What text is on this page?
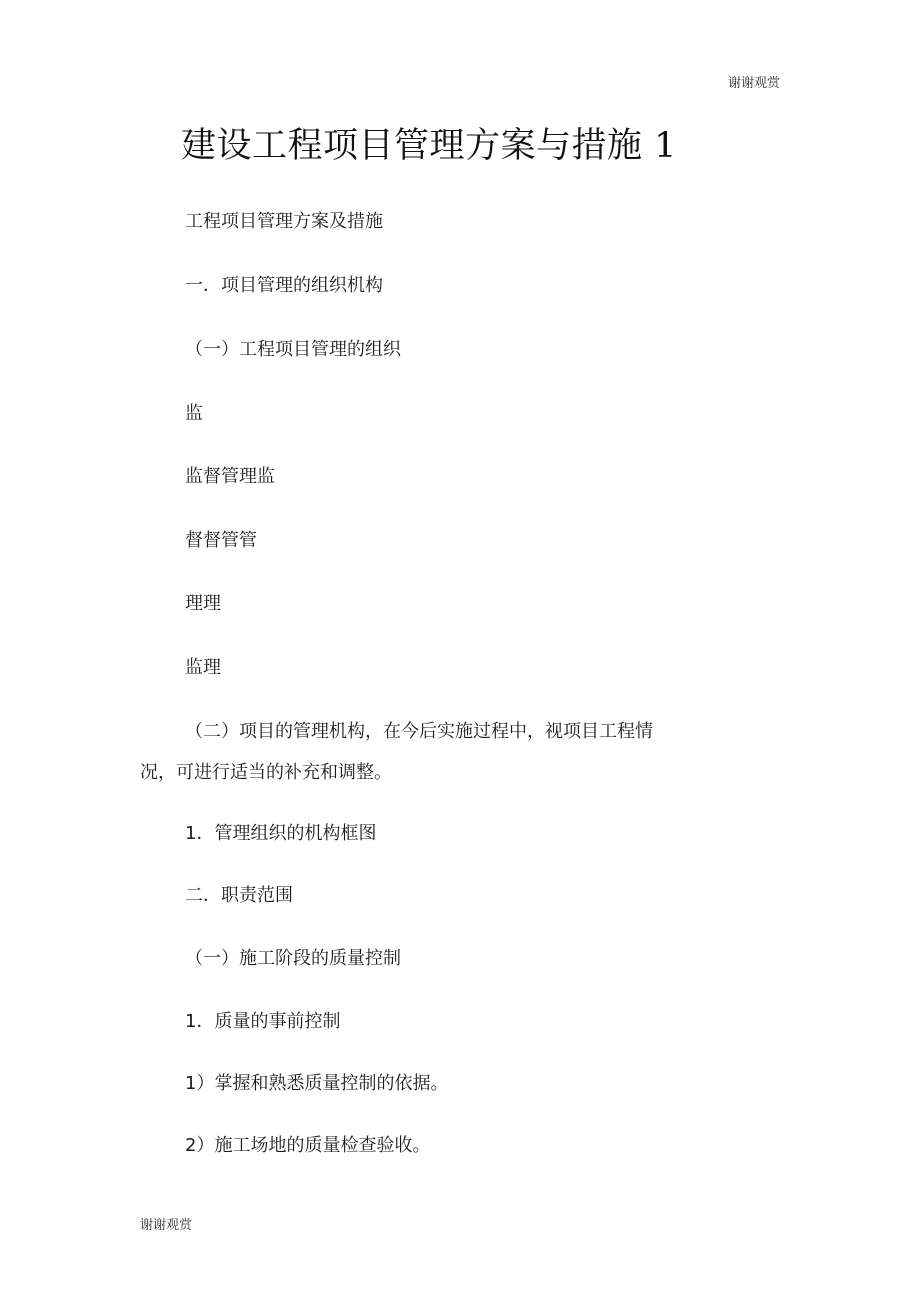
谢谢观赏
建设工程项目管理方案与措施 1
工程项目管理方案及措施
一．项目管理的组织机构
（一）工程项目管理的组织
监
监督管理监
督督管管
理理
监理
（二）项目的管理机构，在今后实施过程中，视项目工程情
况，可进行适当的补充和调整。
1．管理组织的机构框图
二．职责范围
（一）施工阶段的质量控制
1．质量的事前控制
1）掌握和熟悉质量控制的依据。
2）施工场地的质量检查验收。
谢谢观赏
